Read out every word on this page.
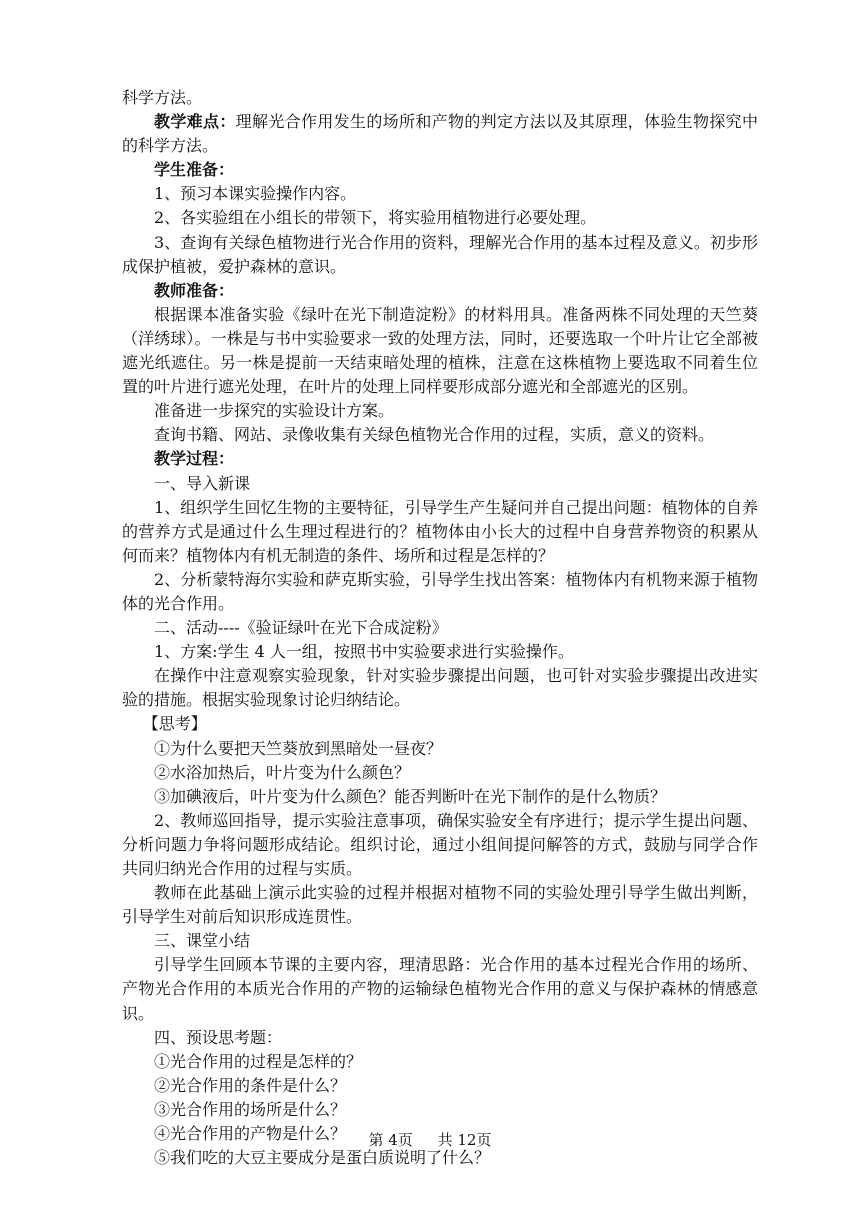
科学方法。

教学难点：理解光合作用发生的场所和产物的判定方法以及其原理，体验生物探究中的科学方法。

学生准备：

1、预习本课实验操作内容。

2、各实验组在小组长的带领下，将实验用植物进行必要处理。

3、查询有关绿色植物进行光合作用的资料，理解光合作用的基本过程及意义。初步形成保护植被，爱护森林的意识。

教师准备：

根据课本准备实验《绿叶在光下制造淀粉》的材料用具。准备两株不同处理的天竺葵（洋绣球）。一株是与书中实验要求一致的处理方法，同时，还要选取一个叶片让它全部被遮光纸遮住。另一株是提前一天结束暗处理的植株，注意在这株植物上要选取不同着生位置的叶片进行遮光处理，在叶片的处理上同样要形成部分遮光和全部遮光的区别。

准备进一步探究的实验设计方案。

查询书籍、网站、录像收集有关绿色植物光合作用的过程，实质，意义的资料。

教学过程：

一、导入新课

1、组织学生回忆生物的主要特征，引导学生产生疑问并自己提出问题：植物体的自养的营养方式是通过什么生理过程进行的？植物体由小长大的过程中自身营养物资的积累从何而来？植物体内有机无制造的条件、场所和过程是怎样的？

2、分析蒙特海尔实验和萨克斯实验，引导学生找出答案：植物体内有机物来源于植物体的光合作用。

二、活动----《验证绿叶在光下合成淀粉》

1、方案:学生 4 人一组，按照书中实验要求进行实验操作。

在操作中注意观察实验现象，针对实验步骤提出问题，也可针对实验步骤提出改进实验的措施。根据实验现象讨论归纳结论。

【思考】

①为什么要把天竺葵放到黑暗处一昼夜？

②水浴加热后，叶片变为什么颜色？

③加碘液后，叶片变为什么颜色？能否判断叶在光下制作的是什么物质？

2、教师巡回指导，提示实验注意事项，确保实验安全有序进行；提示学生提出问题、分析问题力争将问题形成结论。组织讨论，通过小组间提问解答的方式，鼓励与同学合作共同归纳光合作用的过程与实质。

教师在此基础上演示此实验的过程并根据对植物不同的实验处理引导学生做出判断，引导学生对前后知识形成连贯性。

三、课堂小结

引导学生回顾本节课的主要内容，理清思路：光合作用的基本过程光合作用的场所、产物光合作用的本质光合作用的产物的运输绿色植物光合作用的意义与保护森林的情感意识。

四、预设思考题：

①光合作用的过程是怎样的？

②光合作用的条件是什么？

③光合作用的场所是什么？

④光合作用的产物是什么？

⑤我们吃的大豆主要成分是蛋白质说明了什么？

第 4页 共 12页
